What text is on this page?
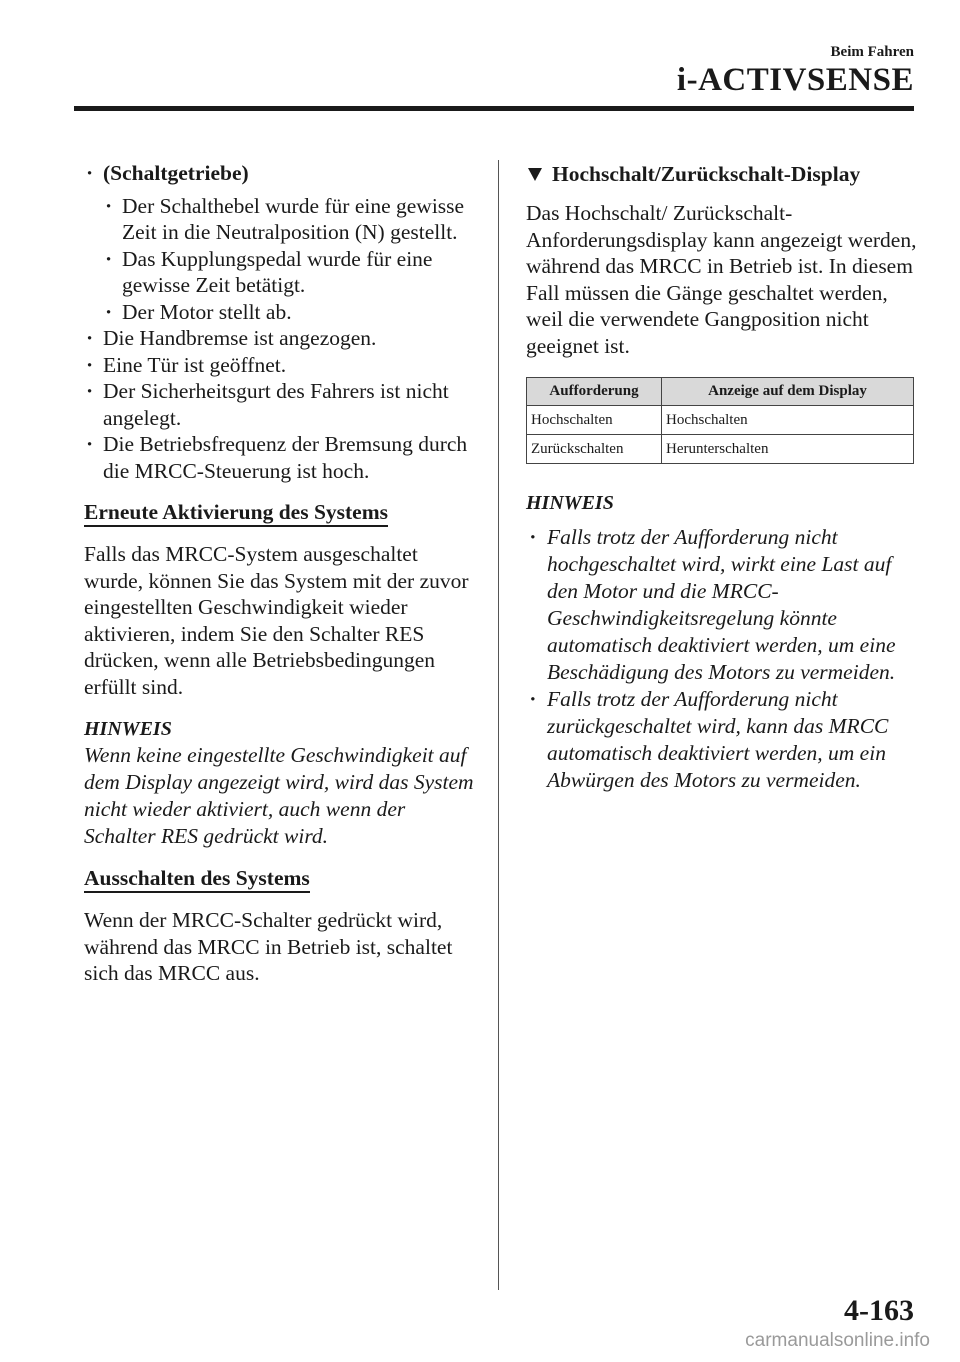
Beim Fahren
i-ACTIVSENSE
· (Schaltgetriebe)
· Der Schalthebel wurde für eine gewisse Zeit in die Neutralposition (N) gestellt.
· Das Kupplungspedal wurde für eine gewisse Zeit betätigt.
· Der Motor stellt ab.
· Die Handbremse ist angezogen.
· Eine Tür ist geöffnet.
· Der Sicherheitsgurt des Fahrers ist nicht angelegt.
· Die Betriebsfrequenz der Bremsung durch die MRCC-Steuerung ist hoch.
Erneute Aktivierung des Systems
Falls das MRCC-System ausgeschaltet wurde, können Sie das System mit der zuvor eingestellten Geschwindigkeit wieder aktivieren, indem Sie den Schalter RES drücken, wenn alle Betriebsbedingungen erfüllt sind.
HINWEIS
Wenn keine eingestellte Geschwindigkeit auf dem Display angezeigt wird, wird das System nicht wieder aktiviert, auch wenn der Schalter RES gedrückt wird.
Ausschalten des Systems
Wenn der MRCC-Schalter gedrückt wird, während das MRCC in Betrieb ist, schaltet sich das MRCC aus.
Hochschalt/Zurückschalt-Display
Das Hochschalt/ Zurückschalt-Anforderungsdisplay kann angezeigt werden, während das MRCC in Betrieb ist. In diesem Fall müssen die Gänge geschaltet werden, weil die verwendete Gangposition nicht geeignet ist.
Aufforderung	Anzeige auf dem Display
Hochschalten	Hochschalten
Zurückschalten	Herunterschalten
HINWEIS
· Falls trotz der Aufforderung nicht hochgeschaltet wird, wirkt eine Last auf den Motor und die MRCC-Geschwindigkeitsregelung könnte automatisch deaktiviert werden, um eine Beschädigung des Motors zu vermeiden.
· Falls trotz der Aufforderung nicht zurückgeschaltet wird, kann das MRCC automatisch deaktiviert werden, um ein Abwürgen des Motors zu vermeiden.
4-163
carmanualsonline.info
